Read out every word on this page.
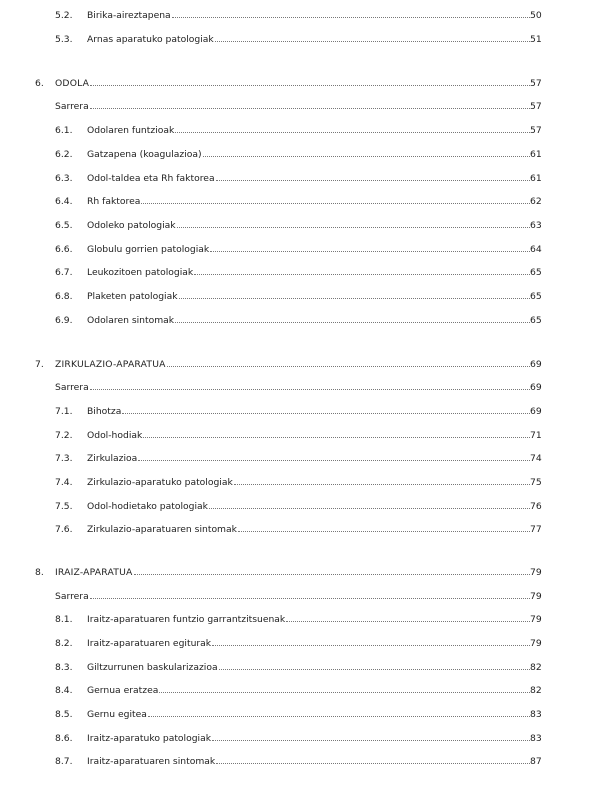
5.2. Birika-aireztapena	50
5.3. Arnas aparatuko patologiak	51
6. ODOLA	57
Sarrera	57
6.1. Odolaren funtzioak	57
6.2. Gatzapena (koagulazioa)	61
6.3. Odol-taldea eta Rh faktorea	61
6.4. Rh faktorea	62
6.5. Odoleko patologiak	63
6.6. Globulu gorrien patologiak	64
6.7. Leukozitoen patologiak	65
6.8. Plaketen patologiak	65
6.9. Odolaren sintomak	65
7. ZIRKULAZIO-APARATUA	69
Sarrera	69
7.1. Bihotza	69
7.2. Odol-hodiak	71
7.3. Zirkulazioa	74
7.4. Zirkulazio-aparatuko patologiak	75
7.5. Odol-hodietako patologiak	76
7.6. Zirkulazio-aparatuaren sintomak	77
8. IRAIZ-APARATUA	79
Sarrera	79
8.1. Iraitz-aparatuaren funtzio garrantzitsuenak	79
8.2. Iraitz-aparatuaren egiturak	79
8.3. Giltzurrunen baskularizazioa	82
8.4. Gernua eratzea	82
8.5. Gernu egitea	83
8.6. Iraitz-aparatuko patologiak	83
8.7. Iraitz-aparatuaren sintomak	87
